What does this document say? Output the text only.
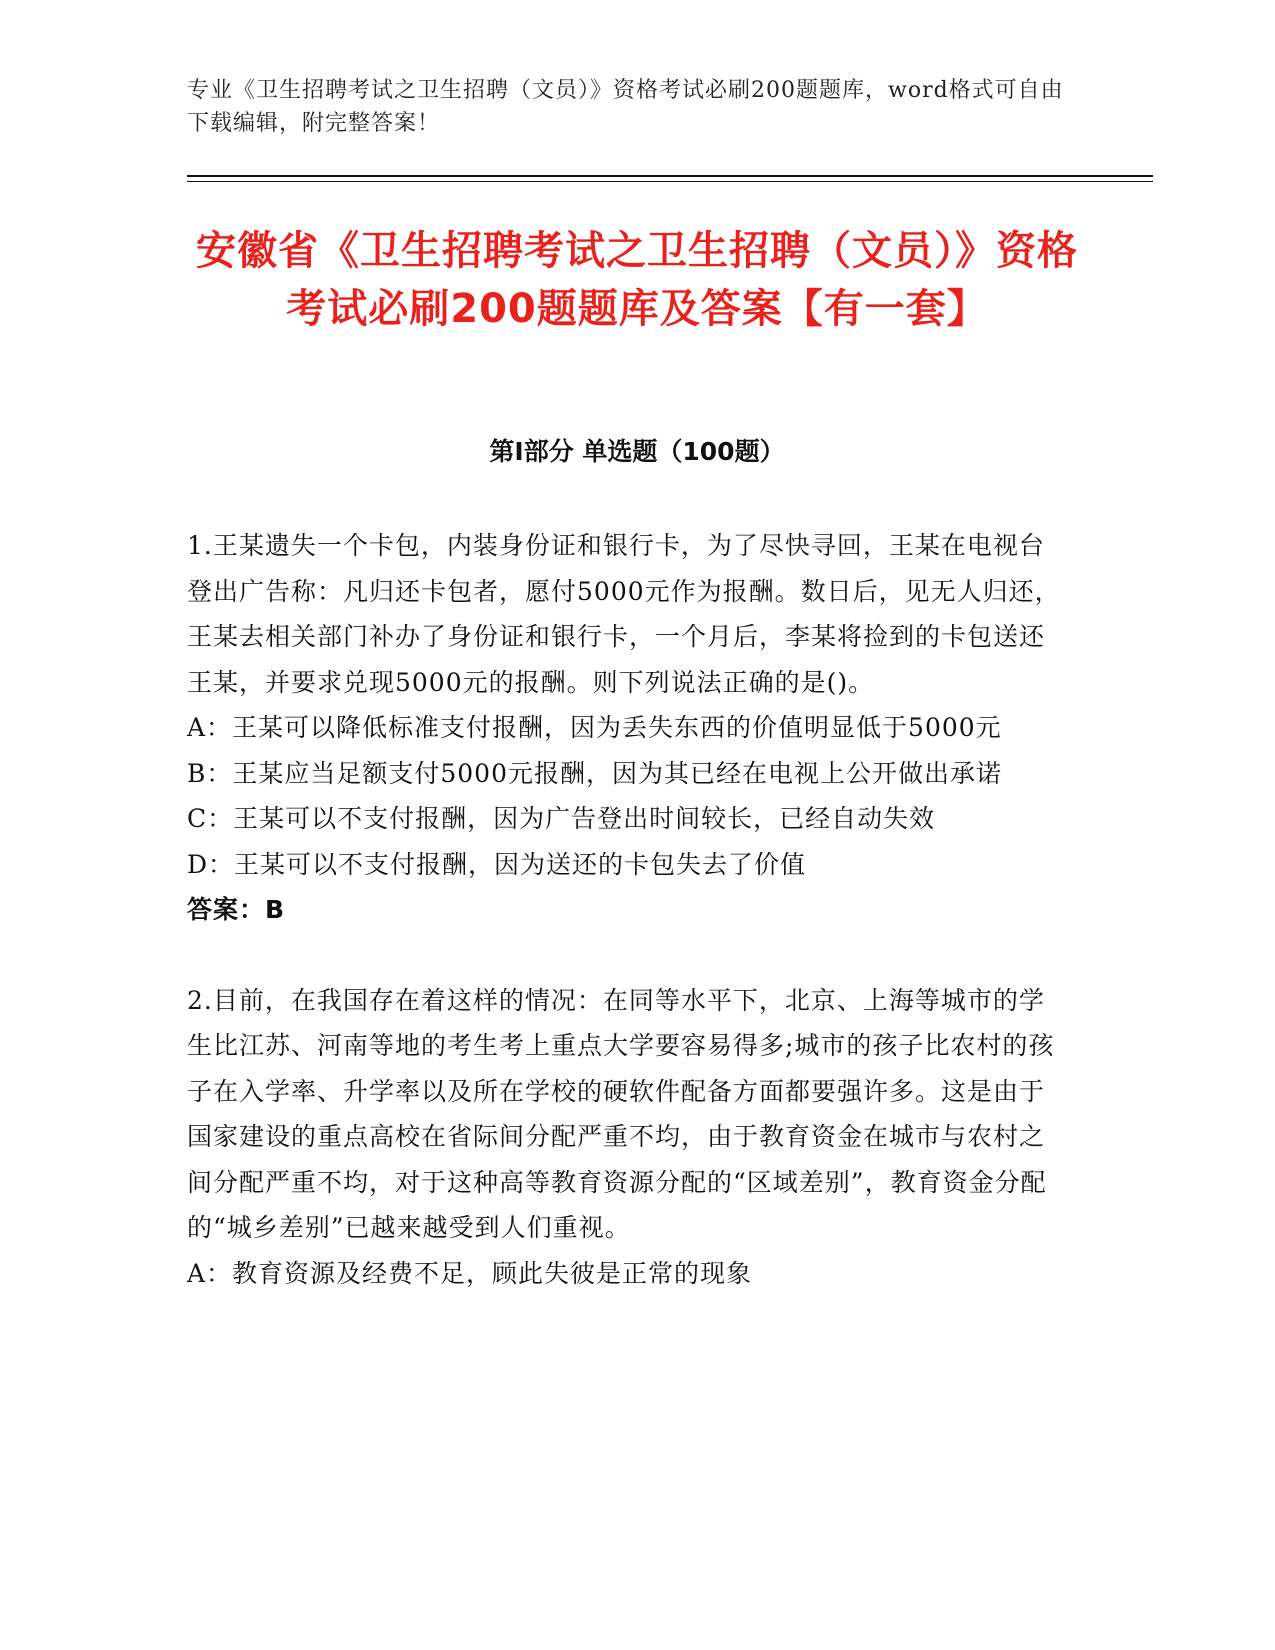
专业《卫生招聘考试之卫生招聘（文员）》资格考试必刷200题题库，word格式可自由下载编辑，附完整答案！
安徽省《卫生招聘考试之卫生招聘（文员）》资格考试必刷200题题库及答案【有一套】
第I部分 单选题（100题）

1.王某遗失一个卡包，内装身份证和银行卡，为了尽快寻回，王某在电视台登出广告称：凡归还卡包者，愿付5000元作为报酬。数日后，见无人归还，王某去相关部门补办了身份证和银行卡，一个月后，李某将捡到的卡包送还王某，并要求兑现5000元的报酬。则下列说法正确的是()。

A：王某可以降低标准支付报酬，因为丢失东西的价值明显低于5000元

B：王某应当足额支付5000元报酬，因为其已经在电视上公开做出承诺

C：王某可以不支付报酬，因为广告登出时间较长，已经自动失效

D：王某可以不支付报酬，因为送还的卡包失去了价值

答案：B

2.目前，在我国存在着这样的情况：在同等水平下，北京、上海等城市的学生比江苏、河南等地的考生考上重点大学要容易得多;城市的孩子比农村的孩子在入学率、升学率以及所在学校的硬软件配备方面都要强许多。这是由于国家建设的重点高校在省际间分配严重不均，由于教育资金在城市与农村之间分配严重不均，对于这种高等教育资源分配的“区域差别”，教育资金分配的“城乡差别”已越来越受到人们重视。

A：教育资源及经费不足，顾此失彼是正常的现象
